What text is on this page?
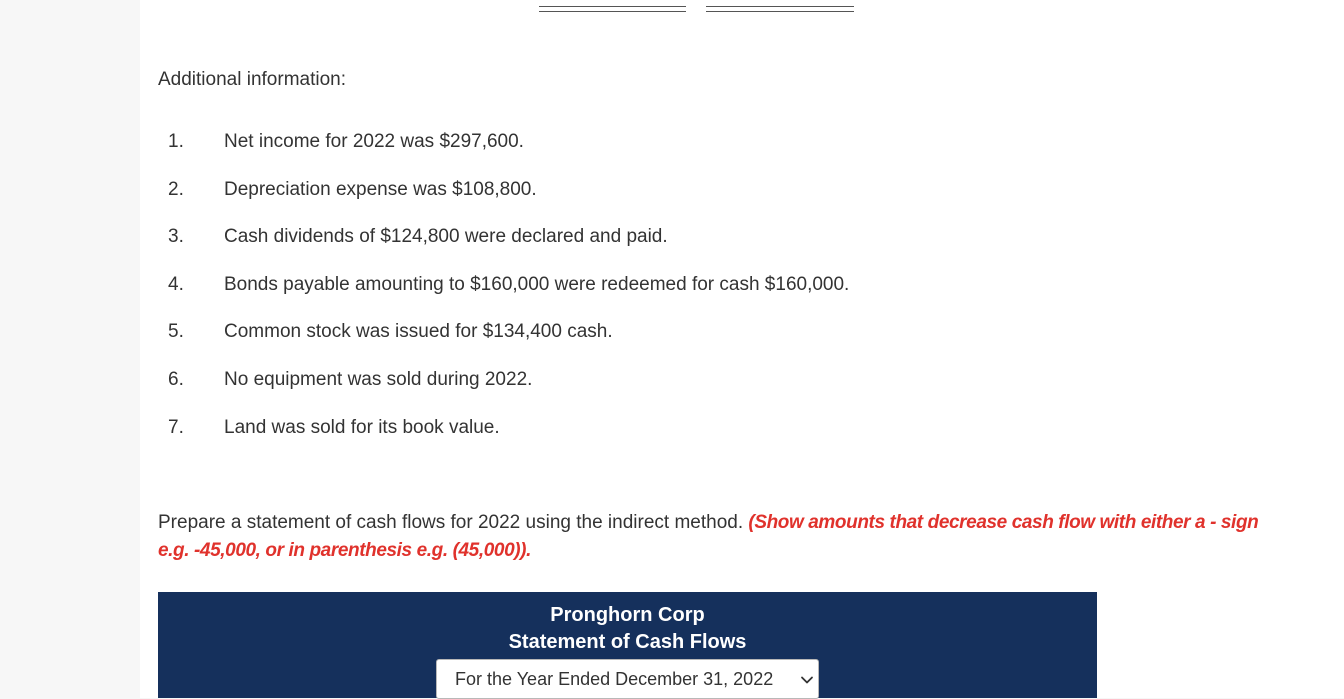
Additional information:
1.	Net income for 2022 was $297,600.
2.	Depreciation expense was $108,800.
3.	Cash dividends of $124,800 were declared and paid.
4.	Bonds payable amounting to $160,000 were redeemed for cash $160,000.
5.	Common stock was issued for $134,400 cash.
6.	No equipment was sold during 2022.
7.	Land was sold for its book value.
Prepare a statement of cash flows for 2022 using the indirect method. (Show amounts that decrease cash flow with either a - sign e.g. -45,000, or in parenthesis e.g. (45,000)).
Pronghorn Corp
Statement of Cash Flows
For the Year Ended December 31, 2022
